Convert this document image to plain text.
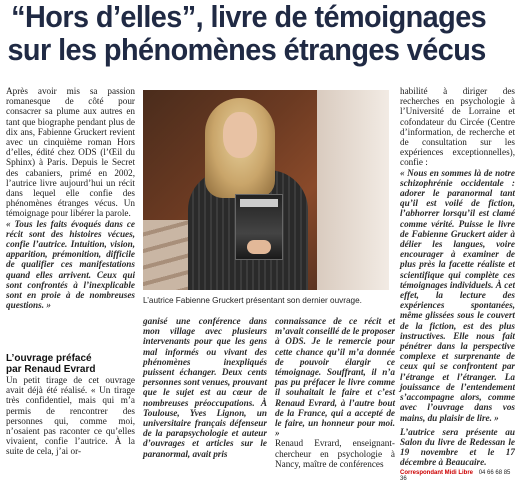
“Hors d’elles”, livre de témoignages
sur les phénomènes étranges vécus

Après avoir mis sa passion romanesque de côté pour consacrer sa plume aux autres en tant que biographe pendant plus de dix ans, Fabienne Gruckert revient avec un cinquième roman Hors d’elles, édité chez ODS (l’Œil du Sphinx) à Paris. Depuis le Secret des cabaniers, primé en 2002, l’autrice livre aujourd’hui un récit dans lequel elle confie des phénomènes étranges vécus. Un témoignage pour libérer la parole.

« Tous les faits évoqués dans ce récit sont des histoires vécues, confie l’autrice. Intuition, vision, apparition, prémonition, difficile de qualifier ces manifestations quand elles arrivent. Ceux qui sont confrontés à l’inexplicable sont en proie à de nombreuses questions. »	L’autrice Fabienne Gruckert présentant son dernier ouvrage.
L’ouvrage préfacé
par Renaud Evrard

Un petit tirage de cet ouvrage avait déjà été réalisé. « Un tirage très confidentiel, mais qui m’a permis de rencontrer des personnes qui, comme moi, n’osaient pas raconter ce qu’elles vivaient, confie l’autrice. À la suite de cela, j’ai or-

ganisé une conférence dans mon village avec plusieurs intervenants pour que les gens mal informés ou vivant des phénomènes inexpliqués puissent échanger. Deux cents personnes sont venues, prouvant que le sujet est au cœur de nombreuses préoccupations. À Toulouse, Yves Lignon, un universitaire français défenseur de la parapsychologie et auteur d’ouvrages et articles sur le paranormal, avait pris

connaissance de ce récit et m’avait conseillé de le proposer à ODS. Je le remercie pour cette chance qu’il m’a donnée de pouvoir élargir ce témoignage. Souffrant, il n’a pas pu préfacer le livre comme il souhaitait le faire et c’est Renaud Evrard, à l’autre bout de la France, qui a accepté de le faire, un honneur pour moi. »

Renaud Evrard, enseignant-chercheur en psychologie à Nancy, maître de conférences

habilité à diriger des recherches en psychologie à l’Université de Lorraine et cofondateur du Circée (Centre d’information, de recherche et de consultation sur les expériences exceptionnelles), confie :

« Nous en sommes là de notre schizophrénie occidentale : adorer le paranormal tant qu’il est voilé de fiction, l’abhorrer lorsqu’il est clamé comme vérité. Puisse le livre de Fabienne Gruckert aider à délier les langues, voire encourager à examiner de plus près la facette réaliste et scientifique qui complète ces témoignages individuels. À cet effet, la lecture des expériences spontanées, même glissées sous le couvert de la fiction, est des plus instructives. Elle nous fait pénétrer dans la perspective complexe et surprenante de ceux qui se confrontent par l’étrange et l’étranger. La jouissance de l’entendement s’accompagne alors, comme avec l’ouvrage dans vos mains, du plaisir de lire. »

L’autrice sera présente au Salon du livre de Redessan le 19 novembre et le 17 décembre à Beaucaire.

Correspondant Midi Libre 04 66 68 85 36
